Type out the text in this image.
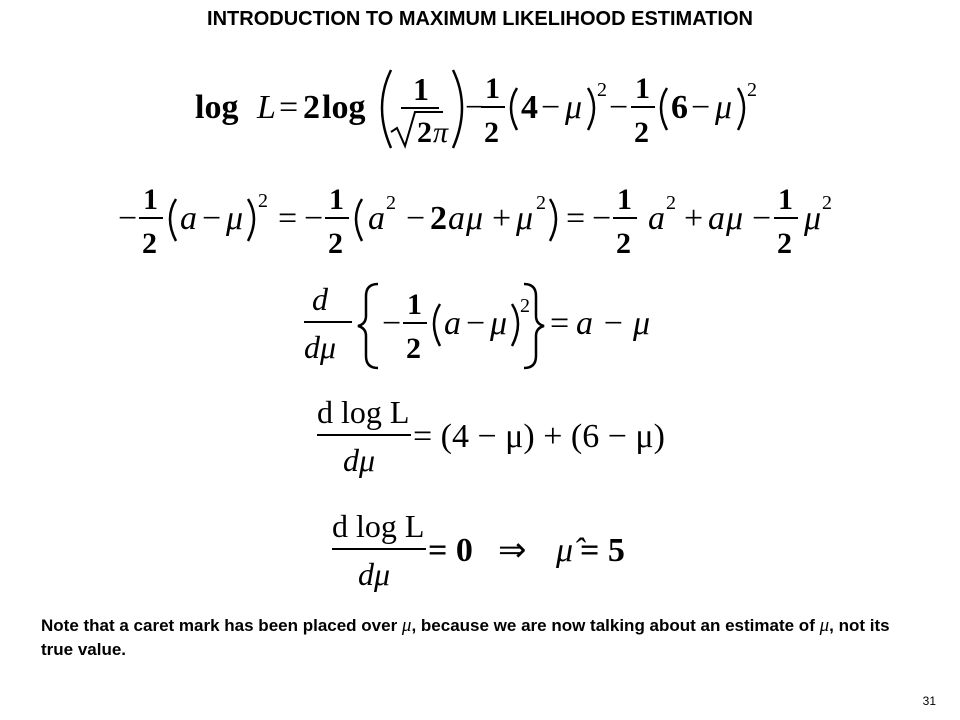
INTRODUCTION TO MAXIMUM LIKELIHOOD ESTIMATION
log L = 2 log 1
2 π
−
1
2
4 − μ 2 −
1
2
6 − μ 2
−
1
2
a − μ 2 = −
1
2
a 2 − 2 a μ + μ 2 = −
1
2
a 2 + a μ −
1
2
μ 2
d
dμ
−
1
2
a − μ 2 = a − μ
d log L
dμ
= (4 − μ) + (6 − μ)
d log L
dμ
= 0 ⇒ μ̂ = 5
Note that a caret mark has been placed over μ, because we are now talking about an estimate of μ, not its true value.
31
